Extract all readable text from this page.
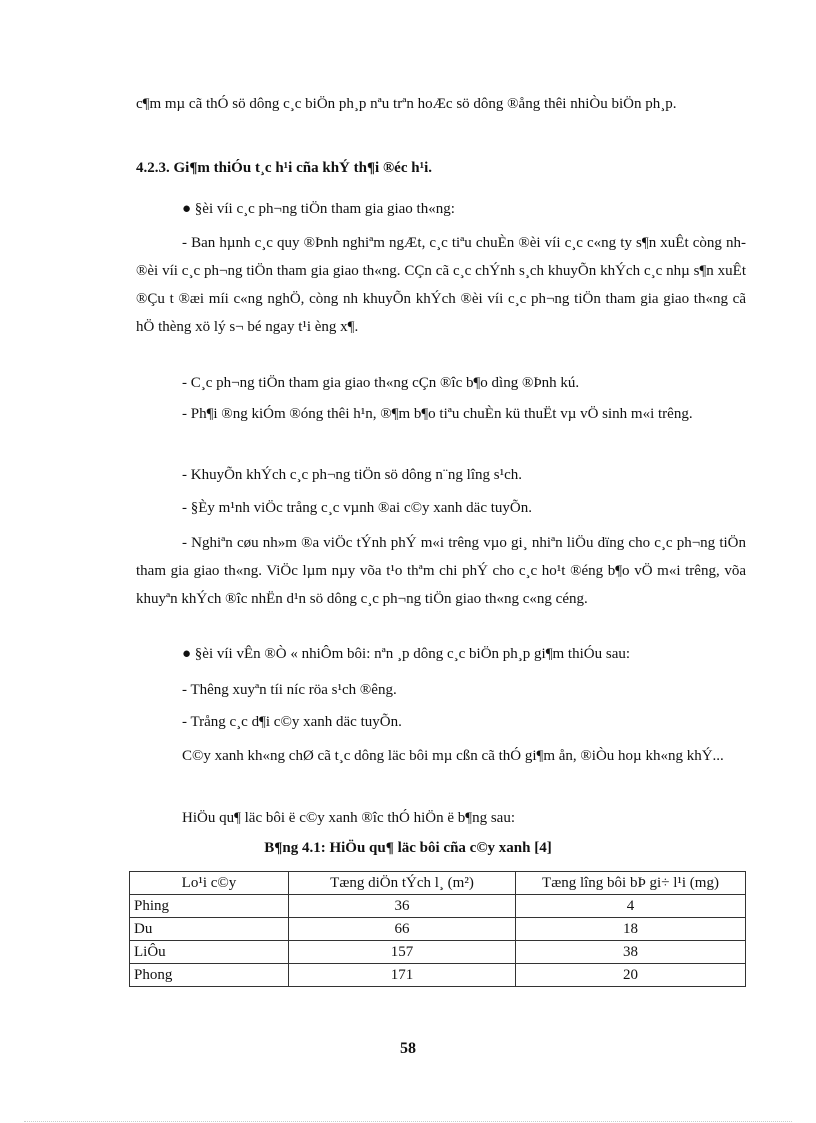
c¶m mµ cã thÓ sö dông c¸c biÖn ph¸p nªu trªn hoÆc sö dông ®ång thêi nhiÒu biÖn ph¸p.

4.2.3. Gi¶m thiÓu t¸c h¹i cña khÝ th¶i ®éc h¹i.

● §èi víi c¸c ph¬ng tiÖn tham gia giao th«ng:

- Ban hµnh c¸c quy ®Þnh nghiªm ngÆt, c¸c tiªu chuÈn ®èi víi c¸c c«ng ty s¶n xuÊt còng nh ®èi víi c¸c ph¬ng tiÖn tham gia giao th«ng. CÇn cã c¸c chÝnh s¸ch khuyÕn khÝch c¸c nhµ s¶n xuÊt ®Çu t ®æi míi c«ng nghÖ, còng nh khuyÕn khÝch ®èi víi c¸c ph¬ng tiÖn tham gia giao th«ng cã hÖ thèng xö lý s¬ bé ngay t¹i èng x¶.

- C¸c ph¬ng tiÖn tham gia giao th«ng cÇn ®îc b¶o dìng ®Þnh kú.

- Ph¶i ®ng kiÓm ®óng thêi h¹n, ®¶m b¶o tiªu chuÈn kü thuËt vµ vÖ sinh m«i trêng.

- KhuyÕn khÝch c¸c ph¬ng tiÖn sö dông n¨ng lîng s¹ch.

- §Èy m¹nh viÖc trång c¸c vµnh ®ai c©y xanh däc tuyÕn.

- Nghiªn cøu nh»m ®a viÖc tÝnh phÝ m«i trêng vµo gi¸ nhiªn liÖu dïng cho c¸c ph¬ng tiÖn tham gia giao th«ng. ViÖc lµm nµy võa t¹o thªm chi phÝ cho c¸c ho¹t ®éng b¶o vÖ m«i trêng, võa khuyªn khÝch ®îc nhËn d¹n sö dông c¸c ph¬ng tiÖn giao th«ng c«ng céng.

● §èi víi vÊn ®Ò « nhiÔm bôi: nªn ¸p dông c¸c biÖn ph¸p gi¶m thiÓu sau:

- Thêng xuyªn tíi níc röa s¹ch ®êng.

- Trång c¸c d¶i c©y xanh däc tuyÕn.

C©y xanh kh«ng chØ cã t¸c dông läc bôi mµ cßn cã thÓ gi¶m ån, ®iÒu hoµ kh«ng khÝ...

HiÖu qu¶ läc bôi ë c©y xanh ®îc thÓ hiÖn ë b¶ng sau:

B¶ng 4.1: HiÖu qu¶ läc bôi cña c©y xanh [4]

Lo¹i c©y	Tæng diÖn tÝch l¸ (m²)	Tæng lîng bôi bÞ gi÷ l¹i (mg)
Phing	36	4
Du	66	18
LiÔu	157	38
Phong	171	20

58
